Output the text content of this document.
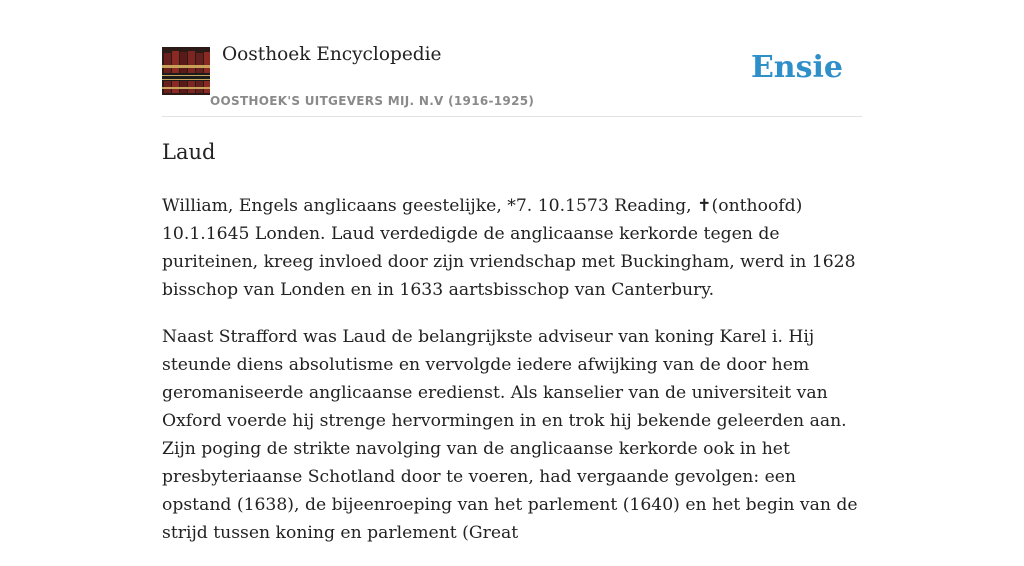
Oosthoek Encyclopedie
OOSTHOEK'S UITGEVERS MIJ. N.V (1916-1925)
Ensie
Laud

William, Engels anglicaans geestelijke, *7. 10.1573 Reading, ✝(onthoofd) 10.1.1645 Londen. Laud verdedigde de anglicaanse kerkorde tegen de puriteinen, kreeg invloed door zijn vriendschap met Buckingham, werd in 1628 bisschop van Londen en in 1633 aartsbisschop van Canterbury.

Naast Strafford was Laud de belangrijkste adviseur van koning Karel i. Hij steunde diens absolutisme en vervolgde iedere afwijking van de door hem geromaniseerde anglicaanse eredienst. Als kanselier van de universiteit van Oxford voerde hij strenge hervormingen in en trok hij bekende geleerden aan. Zijn poging de strikte navolging van de anglicaanse kerkorde ook in het presbyteriaanse Schotland door te voeren, had vergaande gevolgen: een opstand (1638), de bijeenroeping van het parlement (1640) en het begin van de strijd tussen koning en parlement (Great
